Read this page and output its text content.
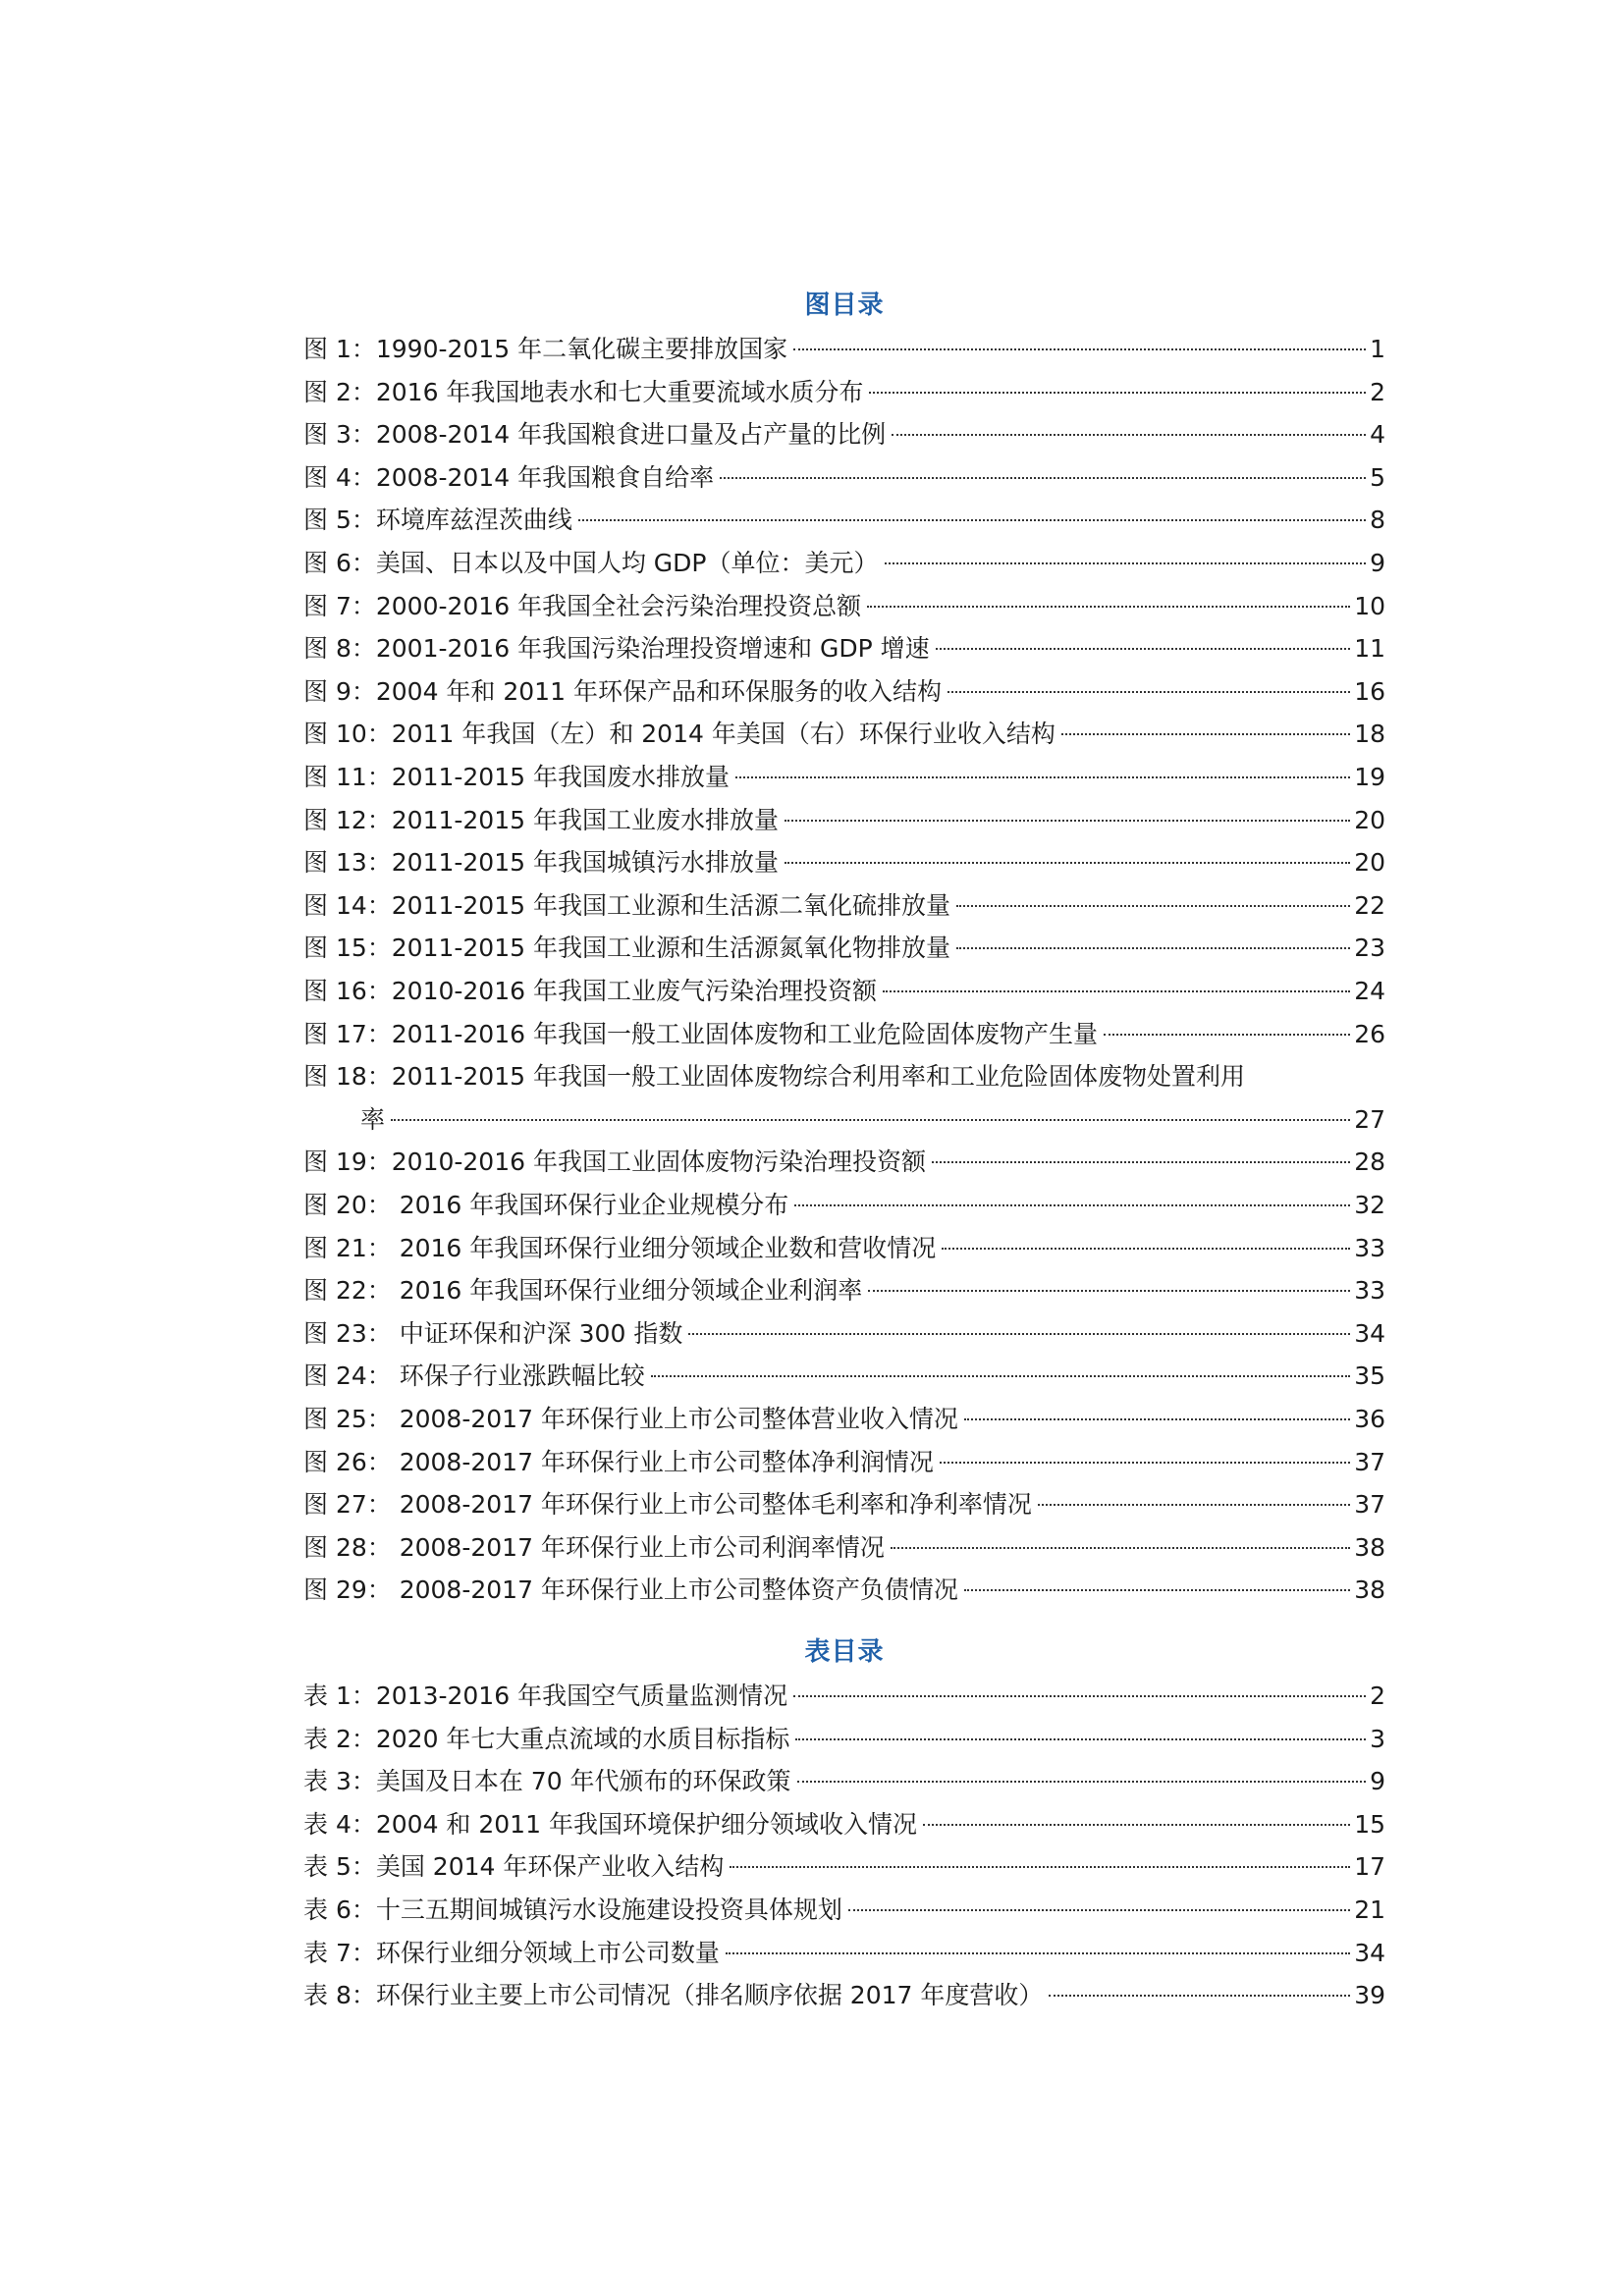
图目录
图 1：1990-2015 年二氧化碳主要排放国家	1
图 2：2016 年我国地表水和七大重要流域水质分布	2
图 3：2008-2014 年我国粮食进口量及占产量的比例	4
图 4：2008-2014 年我国粮食自给率	5
图 5：环境库兹涅茨曲线	8
图 6：美国、日本以及中国人均 GDP（单位：美元）	9
图 7：2000-2016 年我国全社会污染治理投资总额	10
图 8：2001-2016 年我国污染治理投资增速和 GDP 增速	11
图 9：2004 年和 2011 年环保产品和环保服务的收入结构	16
图 10：2011 年我国（左）和 2014 年美国（右）环保行业收入结构	18
图 11：2011-2015 年我国废水排放量	19
图 12：2011-2015 年我国工业废水排放量	20
图 13：2011-2015 年我国城镇污水排放量	20
图 14：2011-2015 年我国工业源和生活源二氧化硫排放量	22
图 15：2011-2015 年我国工业源和生活源氮氧化物排放量	23
图 16：2010-2016 年我国工业废气污染治理投资额	24
图 17：2011-2016 年我国一般工业固体废物和工业危险固体废物产生量	26
图 18：2011-2015 年我国一般工业固体废物综合利用率和工业危险固体废物处置利用
率	27
图 19：2010-2016 年我国工业固体废物污染治理投资额	28
图 20： 2016 年我国环保行业企业规模分布	32
图 21： 2016 年我国环保行业细分领域企业数和营收情况	33
图 22： 2016 年我国环保行业细分领域企业利润率	33
图 23： 中证环保和沪深 300 指数	34
图 24： 环保子行业涨跌幅比较	35
图 25： 2008-2017 年环保行业上市公司整体营业收入情况	36
图 26： 2008-2017 年环保行业上市公司整体净利润情况	37
图 27： 2008-2017 年环保行业上市公司整体毛利率和净利率情况	37
图 28： 2008-2017 年环保行业上市公司利润率情况	38
图 29： 2008-2017 年环保行业上市公司整体资产负债情况	38
表目录
表 1：2013-2016 年我国空气质量监测情况	2
表 2：2020 年七大重点流域的水质目标指标	3
表 3：美国及日本在 70 年代颁布的环保政策	9
表 4：2004 和 2011 年我国环境保护细分领域收入情况	15
表 5：美国 2014 年环保产业收入结构	17
表 6：十三五期间城镇污水设施建设投资具体规划	21
表 7：环保行业细分领域上市公司数量	34
表 8：环保行业主要上市公司情况（排名顺序依据 2017 年度营收）	39
